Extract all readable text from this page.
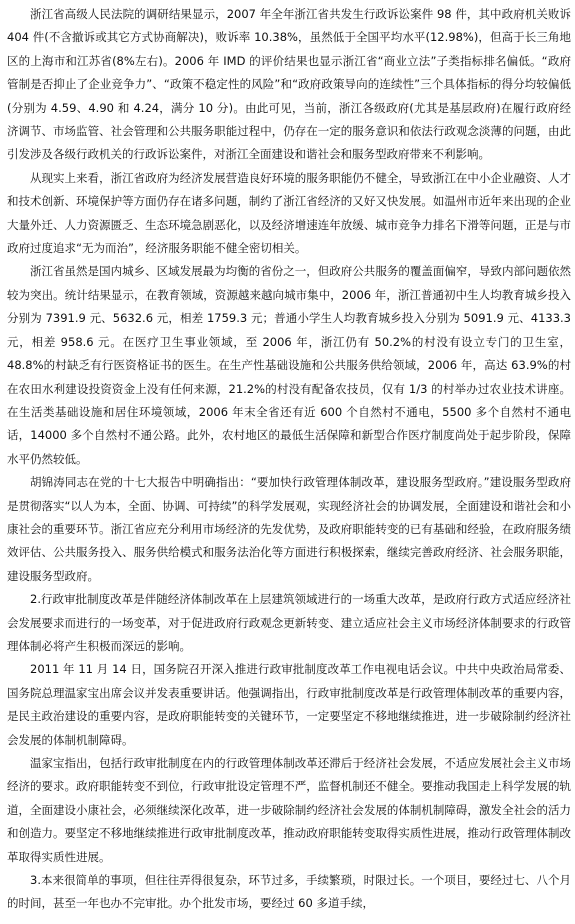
浙江省高级人民法院的调研结果显示，2007 年全年浙江省共发生行政诉讼案件 98 件，其中政府机关败诉 404 件(不含撤诉或其它方式协商解决)，败诉率 10.38%，虽然低于全国平均水平(12.98%)，但高于长三角地区的上海市和江苏省(8%左右)。2006 年 IMD 的评价结果也显示浙江省“商业立法”子类指标排名偏低。“政府管制是否抑止了企业竞争力”、“政策不稳定性的风险”和“政府政策导向的连续性”三个具体指标的得分均较偏低(分别为 4.59、4.90 和 4.24，满分 10 分)。由此可见，当前，浙江各级政府(尤其是基层政府)在履行政府经济调节、市场监管、社会管理和公共服务职能过程中，仍存在一定的服务意识和依法行政观念淡薄的问题，由此引发涉及各级行政机关的行政诉讼案件，对浙江全面建设和谐社会和服务型政府带来不利影响。

从现实上来看，浙江省政府为经济发展营造良好环境的服务职能仍不健全，导致浙江在中小企业融资、人才和技术创新、环境保护等方面仍存在诸多问题，制约了浙江省经济的又好又快发展。如温州市近年来出现的企业大量外迁、人力资源匮乏、生态环境急剧恶化，以及经济增速连年放缓、城市竞争力排名下滑等问题，正是与市政府过度追求“无为而治”，经济服务职能不健全密切相关。

浙江省虽然是国内城乡、区域发展最为均衡的省份之一，但政府公共服务的覆盖面偏窄，导致内部问题依然较为突出。统计结果显示，在教育领域，资源越来越向城市集中，2006 年，浙江普通初中生人均教育城乡投入分别为 7391.9 元、5632.6 元，相差 1759.3 元；普通小学生人均教育城乡投入分别为 5091.9 元、4133.3 元，相差 958.6 元。在医疗卫生事业领域，至 2006 年，浙江仍有 50.2%的村没有设立专门的卫生室，48.8%的村缺乏有行医资格证书的医生。在生产性基础设施和公共服务供给领域，2006 年，高达 63.9%的村在农田水利建设投资资金上没有任何来源，21.2%的村没有配备农技员，仅有 1/3 的村举办过农业技术讲座。在生活类基础设施和居住环境领域，2006 年末全省还有近 600 个自然村不通电，5500 多个自然村不通电话，14000 多个自然村不通公路。此外，农村地区的最低生活保障和新型合作医疗制度尚处于起步阶段，保障水平仍然较低。

胡锦涛同志在党的十七大报告中明确指出：“要加快行政管理体制改革，建设服务型政府。”建设服务型政府是贯彻落实“以人为本，全面、协调、可持续”的科学发展观，实现经济社会的协调发展，全面建设和谐社会和小康社会的重要环节。浙江省应充分利用市场经济的先发优势，及政府职能转变的已有基础和经验，在政府服务绩效评估、公共服务投入、服务供给模式和服务法治化等方面进行积极探索，继续完善政府经济、社会服务职能，建设服务型政府。

2.行政审批制度改革是伴随经济体制改革在上层建筑领域进行的一场重大改革，是政府行政方式适应经济社会发展要求而进行的一场变革，对于促进政府行政观念更新转变、建立适应社会主义市场经济体制要求的行政管理体制必将产生积极而深远的影响。

2011 年 11 月 14 日，国务院召开深入推进行政审批制度改革工作电视电话会议。中共中央政治局常委、国务院总理温家宝出席会议并发表重要讲话。他强调指出，行政审批制度改革是行政管理体制改革的重要内容，是民主政治建设的重要内容，是政府职能转变的关键环节，一定要坚定不移地继续推进，进一步破除制约经济社会发展的体制机制障碍。

温家宝指出，包括行政审批制度在内的行政管理体制改革还滞后于经济社会发展，不适应发展社会主义市场经济的要求。政府职能转变不到位，行政审批设定管理不严，监督机制还不健全。要推动我国走上科学发展的轨道，全面建设小康社会，必须继续深化改革，进一步破除制约经济社会发展的体制机制障碍，激发全社会的活力和创造力。要坚定不移地继续推进行政审批制度改革，推动政府职能转变取得实质性进展，推动行政管理体制改革取得实质性进展。

3.本来很简单的事项，但往往弄得很复杂，环节过多，手续繁琐，时限过长。一个项目，要经过七、八个月的时间，甚至一年也办不完审批。办个批发市场，要经过 60 多道手续，
